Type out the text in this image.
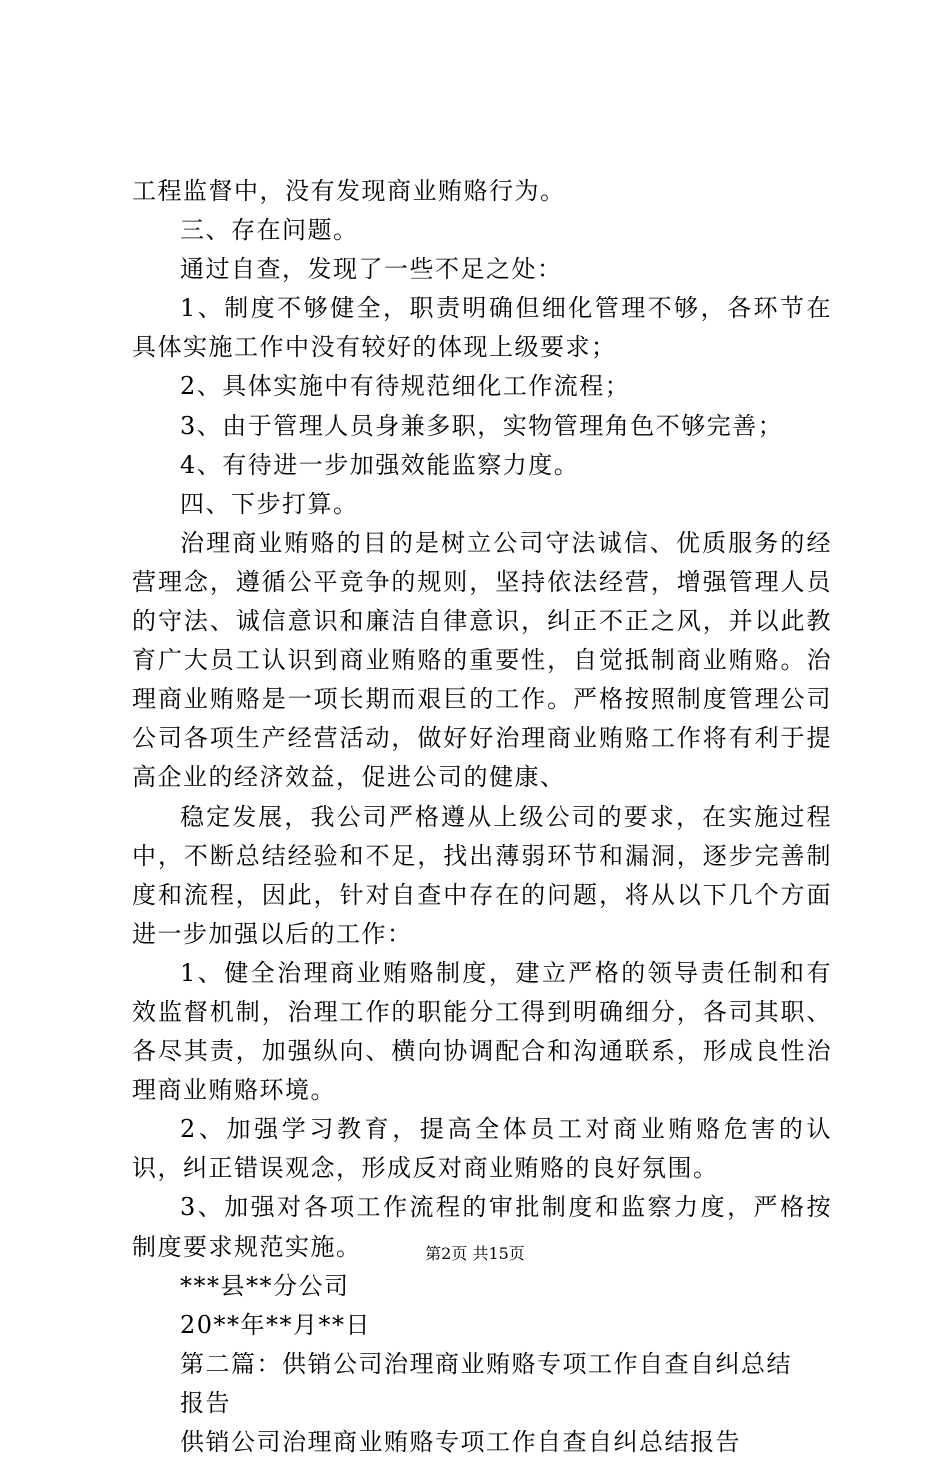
工程监督中，没有发现商业贿赂行为。

三、存在问题。

通过自查，发现了一些不足之处：

1、制度不够健全，职责明确但细化管理不够，各环节在具体实施工作中没有较好的体现上级要求；

2、具体实施中有待规范细化工作流程；

3、由于管理人员身兼多职，实物管理角色不够完善；

4、有待进一步加强效能监察力度。

四、下步打算。

治理商业贿赂的目的是树立公司守法诚信、优质服务的经营理念，遵循公平竞争的规则，坚持依法经营，增强管理人员的守法、诚信意识和廉洁自律意识，纠正不正之风，并以此教育广大员工认识到商业贿赂的重要性，自觉抵制商业贿赂。治理商业贿赂是一项长期而艰巨的工作。严格按照制度管理公司公司各项生产经营活动，做好好治理商业贿赂工作将有利于提高企业的经济效益，促进公司的健康、

稳定发展，我公司严格遵从上级公司的要求，在实施过程中，不断总结经验和不足，找出薄弱环节和漏洞，逐步完善制度和流程，因此，针对自查中存在的问题，将从以下几个方面进一步加强以后的工作：

1、健全治理商业贿赂制度，建立严格的领导责任制和有效监督机制，治理工作的职能分工得到明确细分，各司其职、各尽其责，加强纵向、横向协调配合和沟通联系，形成良性治理商业贿赂环境。

2、加强学习教育，提高全体员工对商业贿赂危害的认识，纠正错误观念，形成反对商业贿赂的良好氛围。

3、加强对各项工作流程的审批制度和监察力度，严格按制度要求规范实施。

***县**分公司

20**年**月**日

第二篇：供销公司治理商业贿赂专项工作自查自纠总结

报告

供销公司治理商业贿赂专项工作自查自纠总结报告

第2页 共15页
